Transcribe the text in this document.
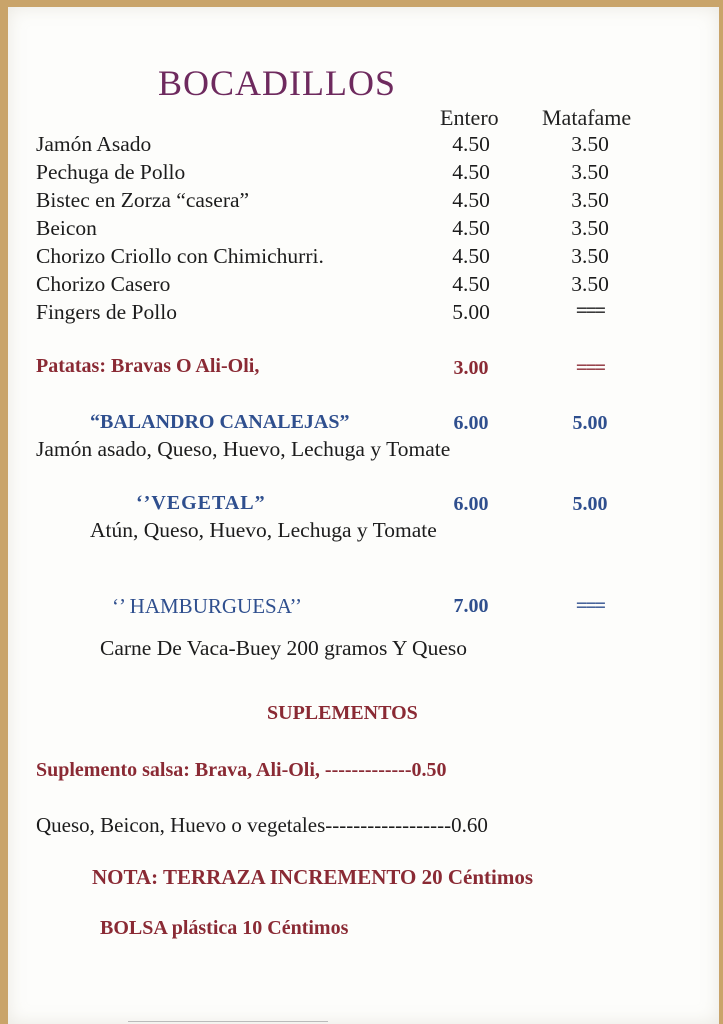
BOCADILLOS
Entero Matafame
Jamón Asado	4.50	3.50
Pechuga de Pollo	4.50	3.50
Bistec en Zorza “casera”	4.50	3.50
Beicon	4.50	3.50
Chorizo Criollo con Chimichurri.	4.50	3.50
Chorizo Casero	4.50	3.50
Fingers de Pollo	5.00	===
Patatas: Bravas O Ali-Oli,	3.00	===
“BALANDRO CANALEJAS”	6.00	5.00
Jamón asado, Queso, Huevo, Lechuga y Tomate
‘’VEGETAL”	6.00	5.00
Atún, Queso, Huevo, Lechuga y Tomate
‘’ HAMBURGUESA’’	7.00	===
Carne De Vaca-Buey 200 gramos Y Queso
SUPLEMENTOS
Suplemento salsa: Brava, Ali-Oli, -------------0.50
Queso, Beicon, Huevo o vegetales------------------0.60
NOTA: TERRAZA INCREMENTO 20 Céntimos
BOLSA plástica 10 Céntimos
